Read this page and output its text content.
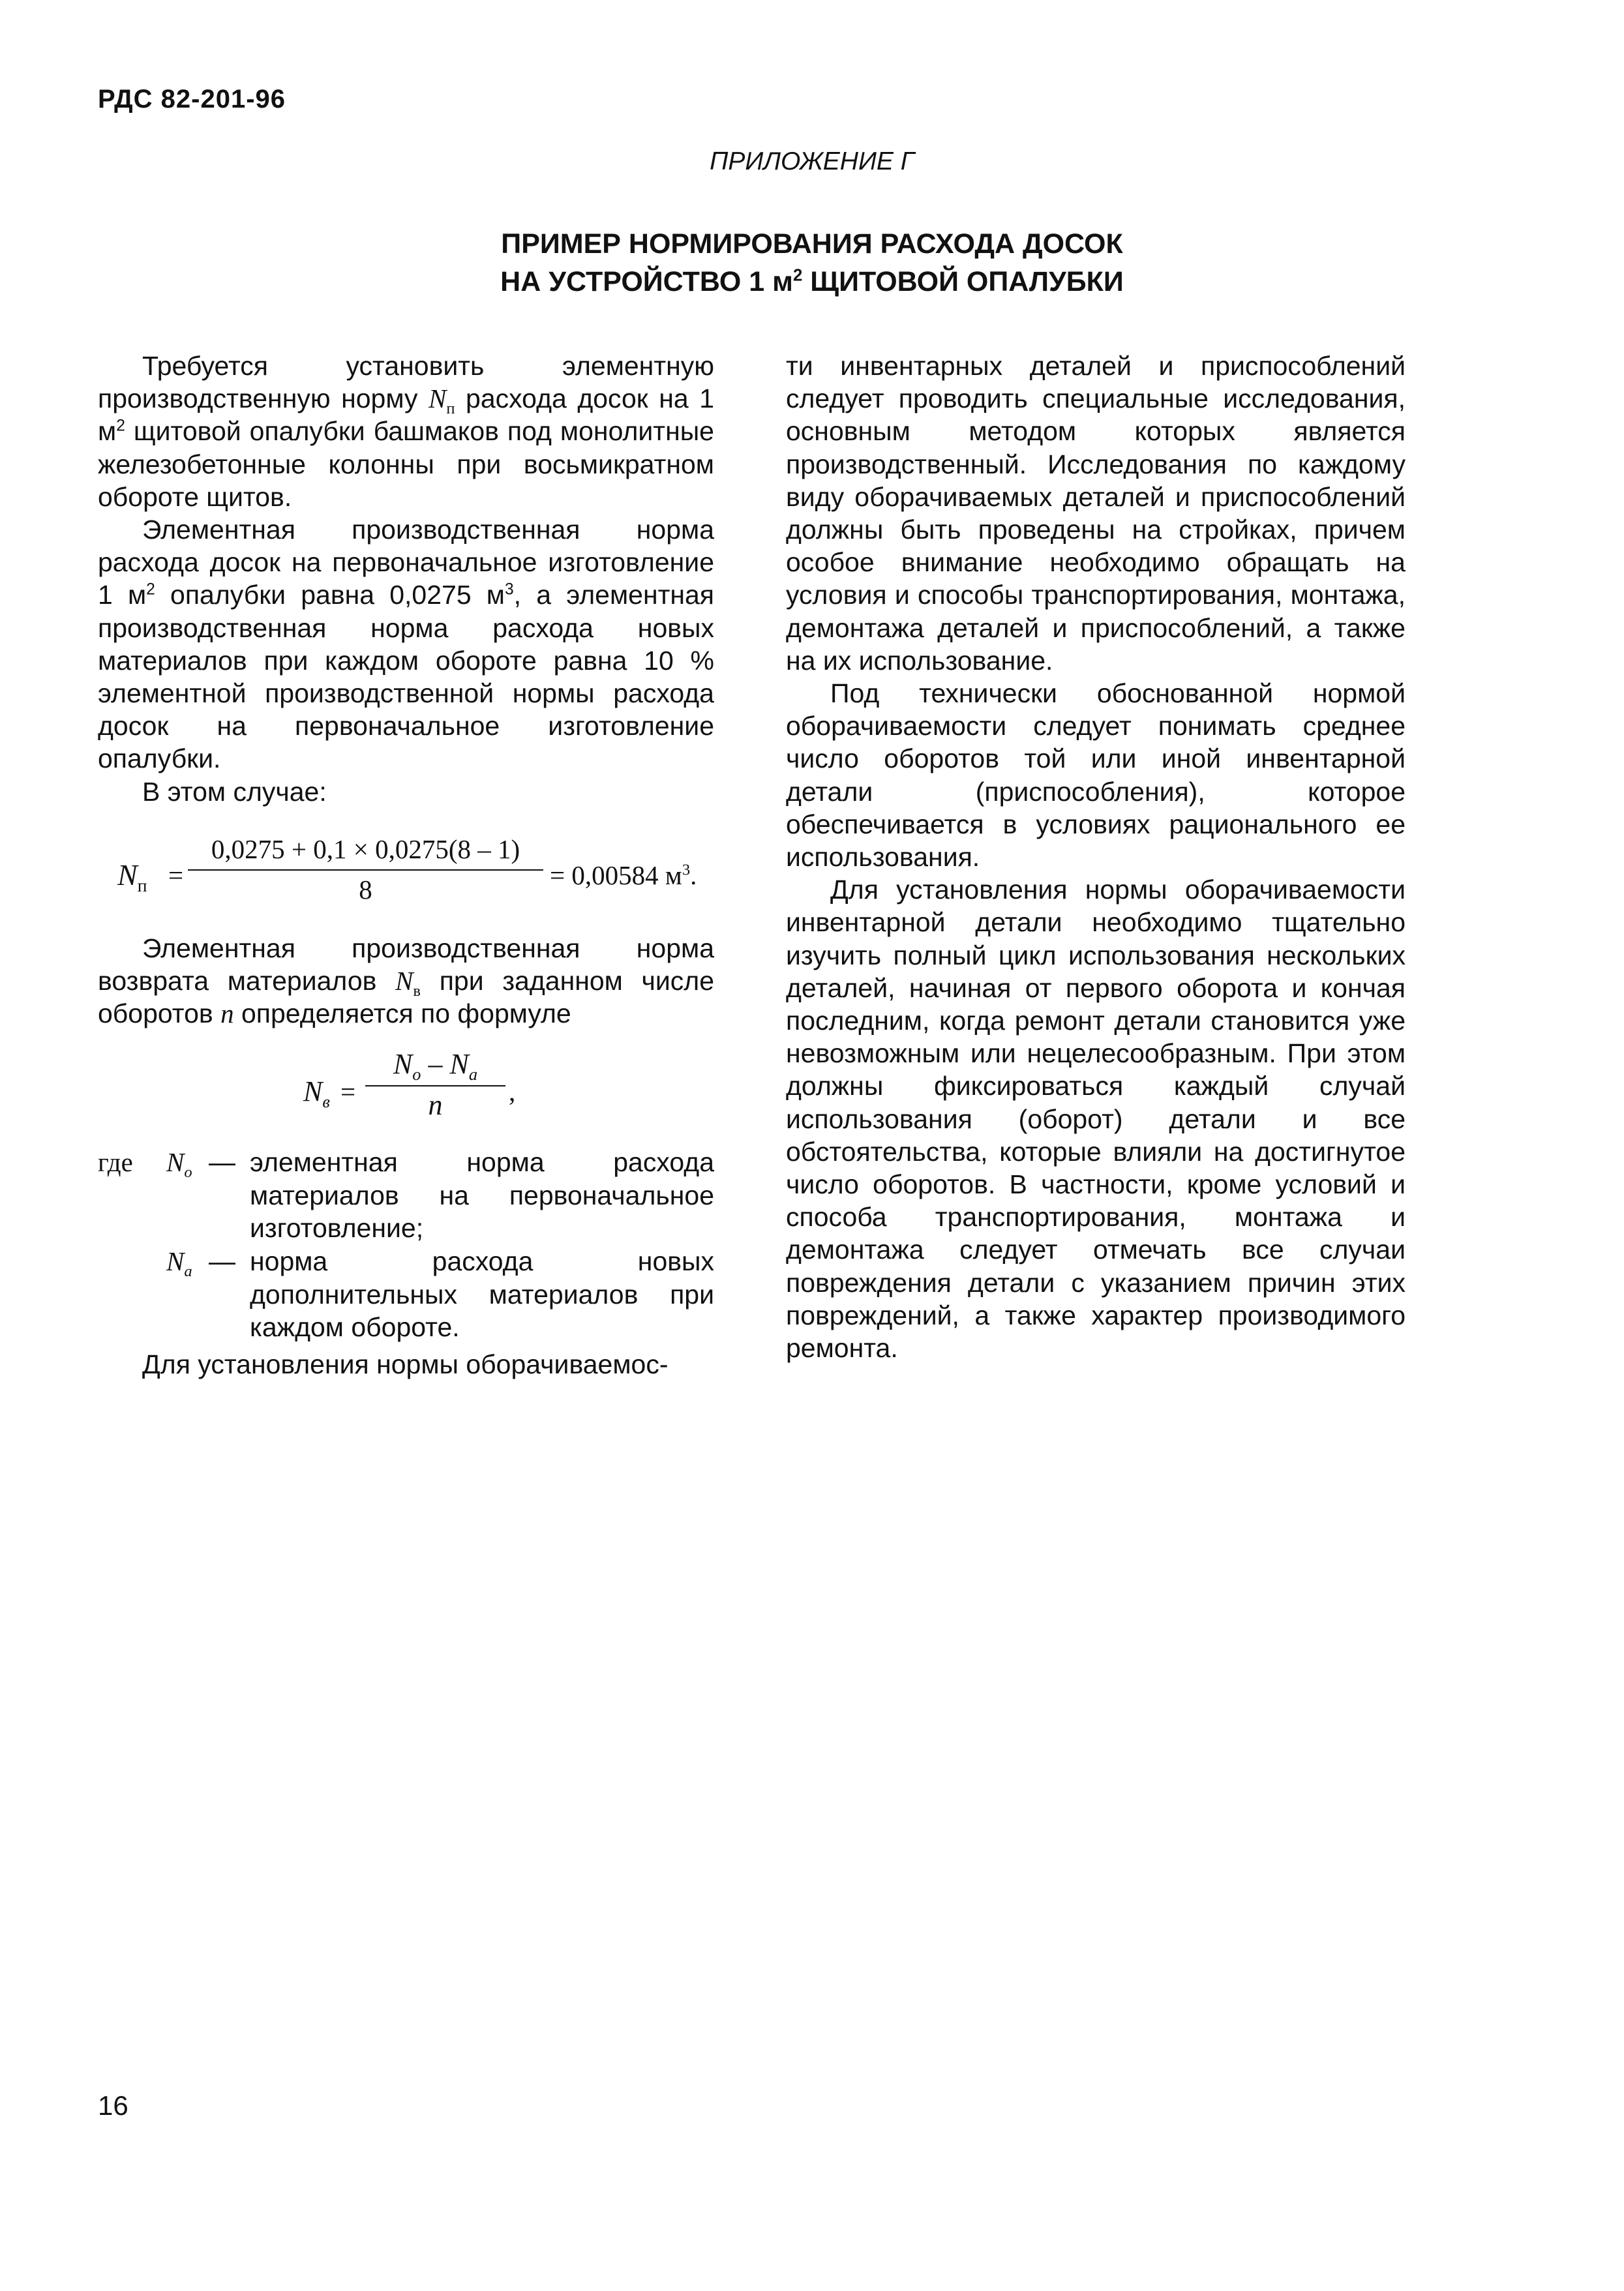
РДС 82-201-96
ПРИЛОЖЕНИЕ Г
ПРИМЕР НОРМИРОВАНИЯ РАСХОДА ДОСОК
НА УСТРОЙСТВО 1 $м^2$ ЩИТОВОЙ ОПАЛУБКИ

Требуется установить элементную производственную норму $N_п$ расхода досок на 1 $м^2$ щитовой опалубки башмаков под монолитные железобетонные колонны при восьмикратном обороте щитов.

Элементная производственная норма расхода досок на первоначальное изготовление 1 $м^2$ опалубки равна 0,0275 $м^3$, а элементная производственная норма расхода новых материалов при каждом обороте равна 10 % элементной производственной нормы расхода досок на первоначальное изготовление опалубки.

В этом случае:

$N_п = \frac{0,0275 + 0,1 \times 0,0275(8 - 1)}{8} = 0,00584$ $м^3$.

Элементная производственная норма возврата материалов $N_в$ при заданном числе оборотов n определяется по формуле

$N_в$ =
$N_о - N_а$
n	,
где $N_о$ — элементная норма расхода материалов на первоначальное изготовление;
$N_а$ — норма расхода новых дополнительных материалов при каждом обороте.

Для установления нормы оборачиваемос-

ти инвентарных деталей и приспособлений следует проводить специальные исследования, основным методом которых является производственный. Исследования по каждому виду оборачиваемых деталей и приспособлений должны быть проведены на стройках, причем особое внимание необходимо обращать на условия и способы транспортирования, монтажа, демонтажа деталей и приспособлений, а также на их использование.

Под технически обоснованной нормой оборачиваемости следует понимать среднее число оборотов той или иной инвентарной детали (приспособления), которое обеспечивается в условиях рационального ее использования.

Для установления нормы оборачиваемости инвентарной детали необходимо тщательно изучить полный цикл использования нескольких деталей, начиная от первого оборота и кончая последним, когда ремонт детали становится уже невозможным или нецелесообразным. При этом должны фиксироваться каждый случай использования (оборот) детали и все обстоятельства, которые влияли на достигнутое число оборотов. В частности, кроме условий и способа транспортирования, монтажа и демонтажа следует отмечать все случаи повреждения детали с указанием причин этих повреждений, а также характер производимого ремонта.

16
